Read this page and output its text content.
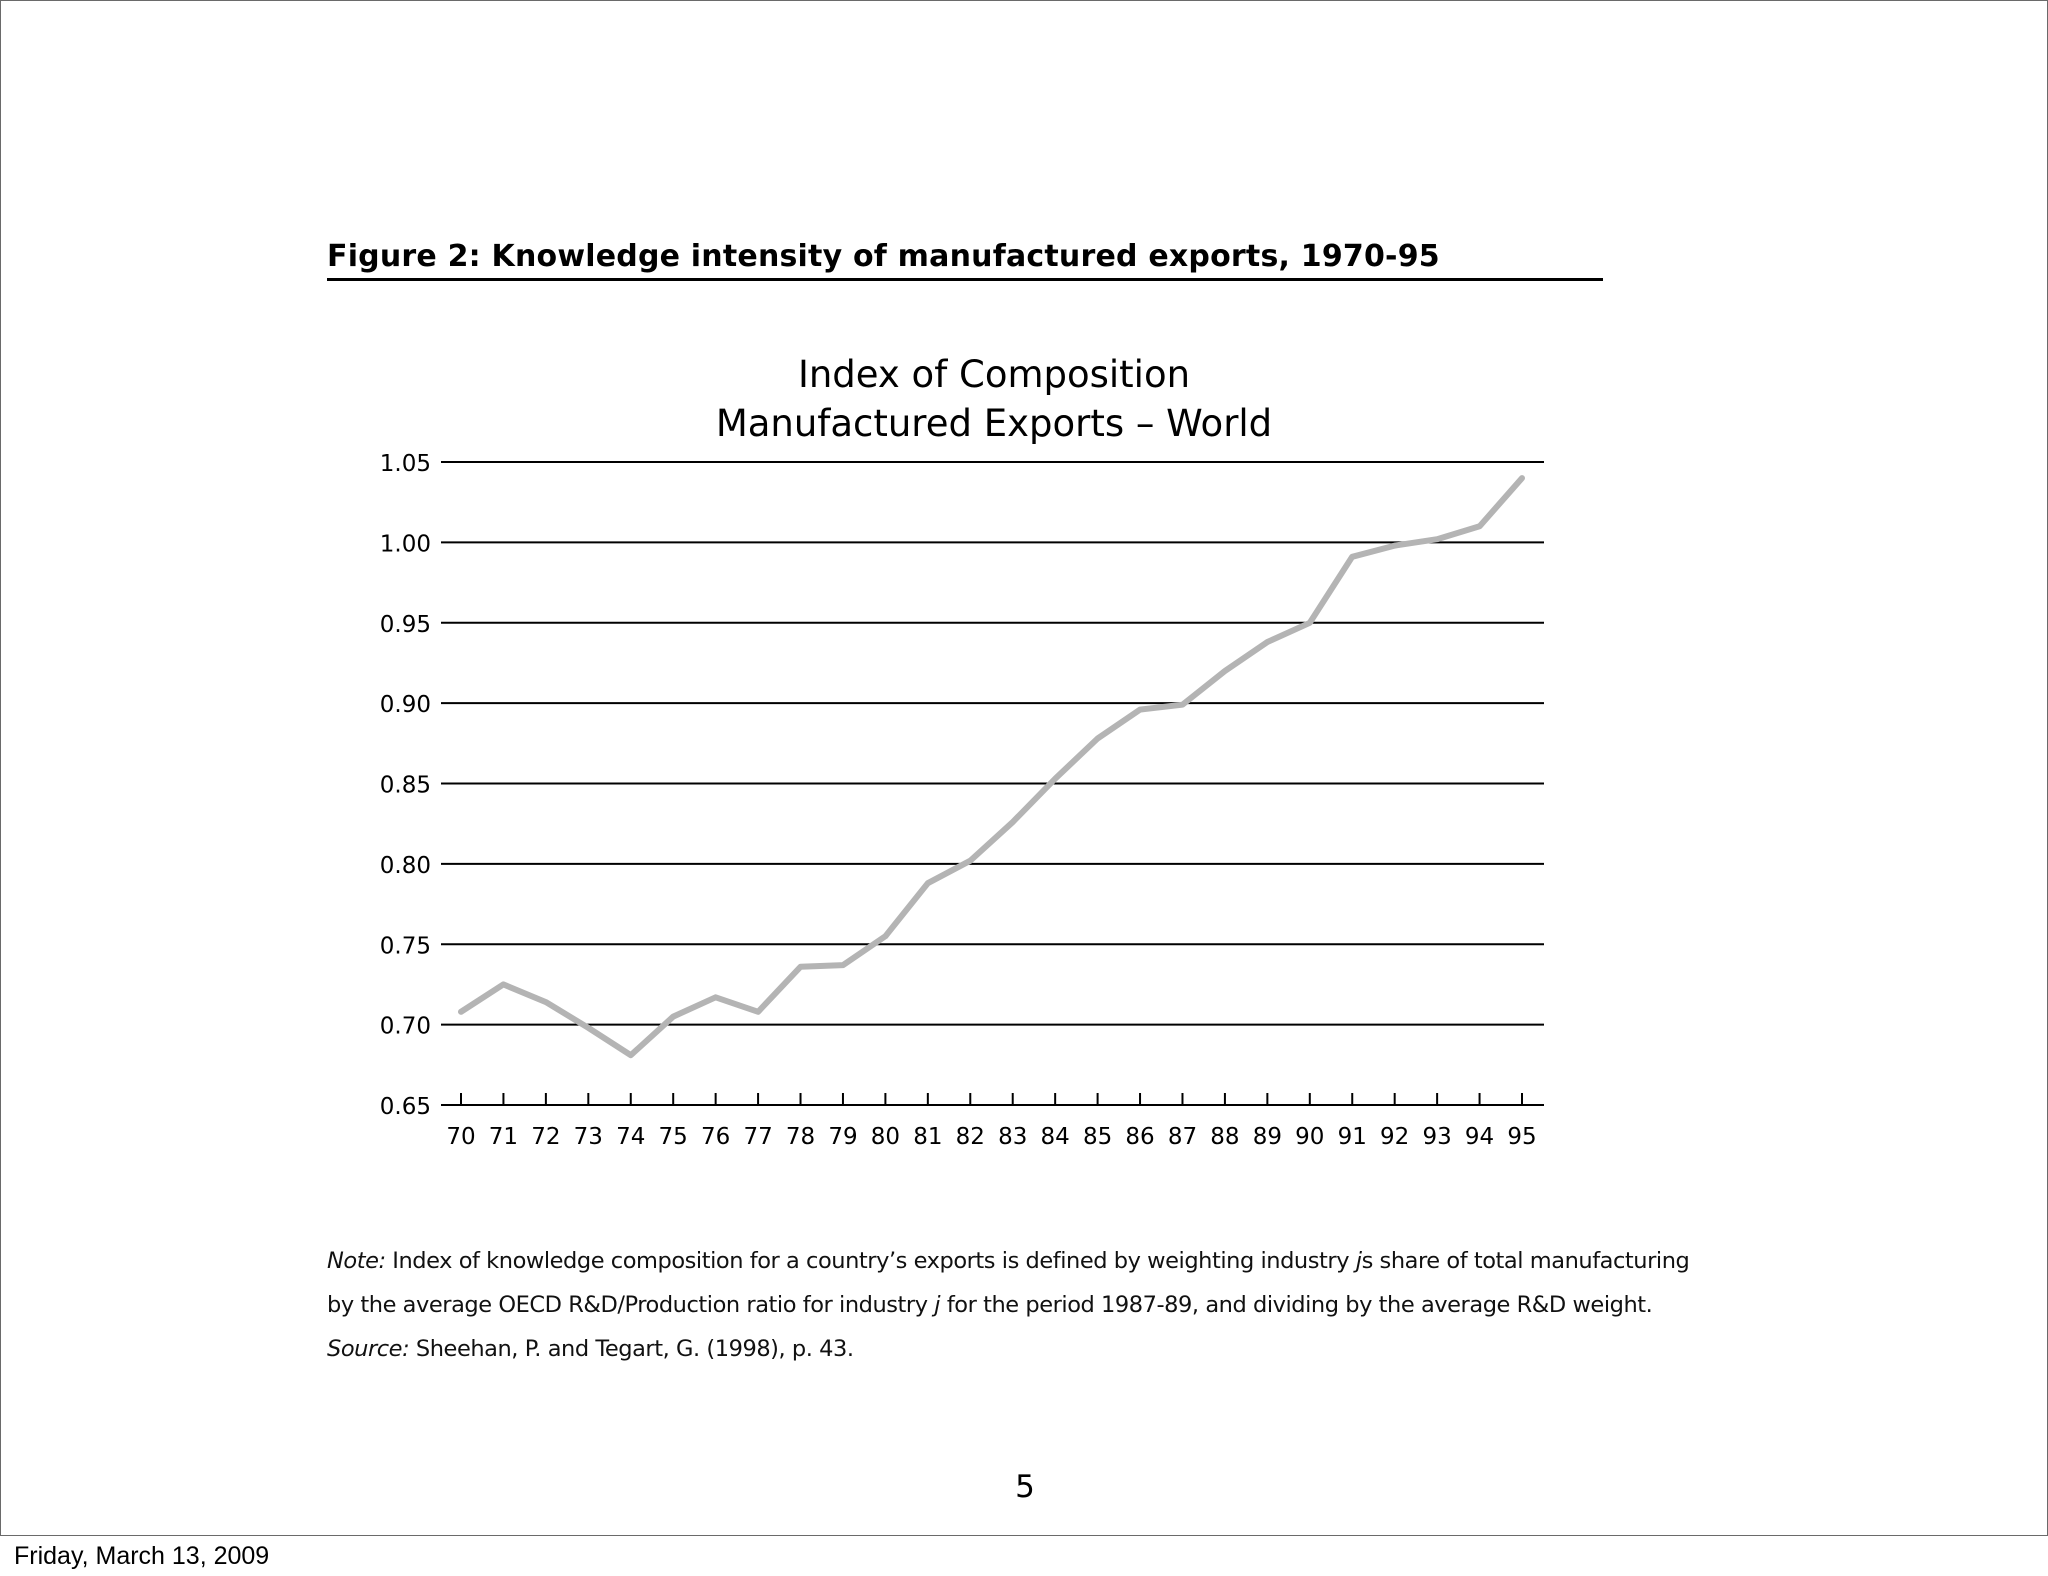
Figure 2: Knowledge intensity of manufactured exports, 1970-95
Index of Composition
Manufactured Exports – World
0.65
0.70
0.75
0.80
0.85
0.90
0.95
1.00
1.05
70 71 72 73 74 75 76 77 78 79 80 81 82 83 84 85 86 87 88 89 90 91 92 93 94 95

Note: Index of knowledge composition for a country’s exports is defined by weighting industry js share of total manufacturing

by the average OECD R&D/Production ratio for industry j for the period 1987-89, and dividing by the average R&D weight.

Source: Sheehan, P. and Tegart, G. (1998), p. 43.

5
Friday, March 13, 2009
